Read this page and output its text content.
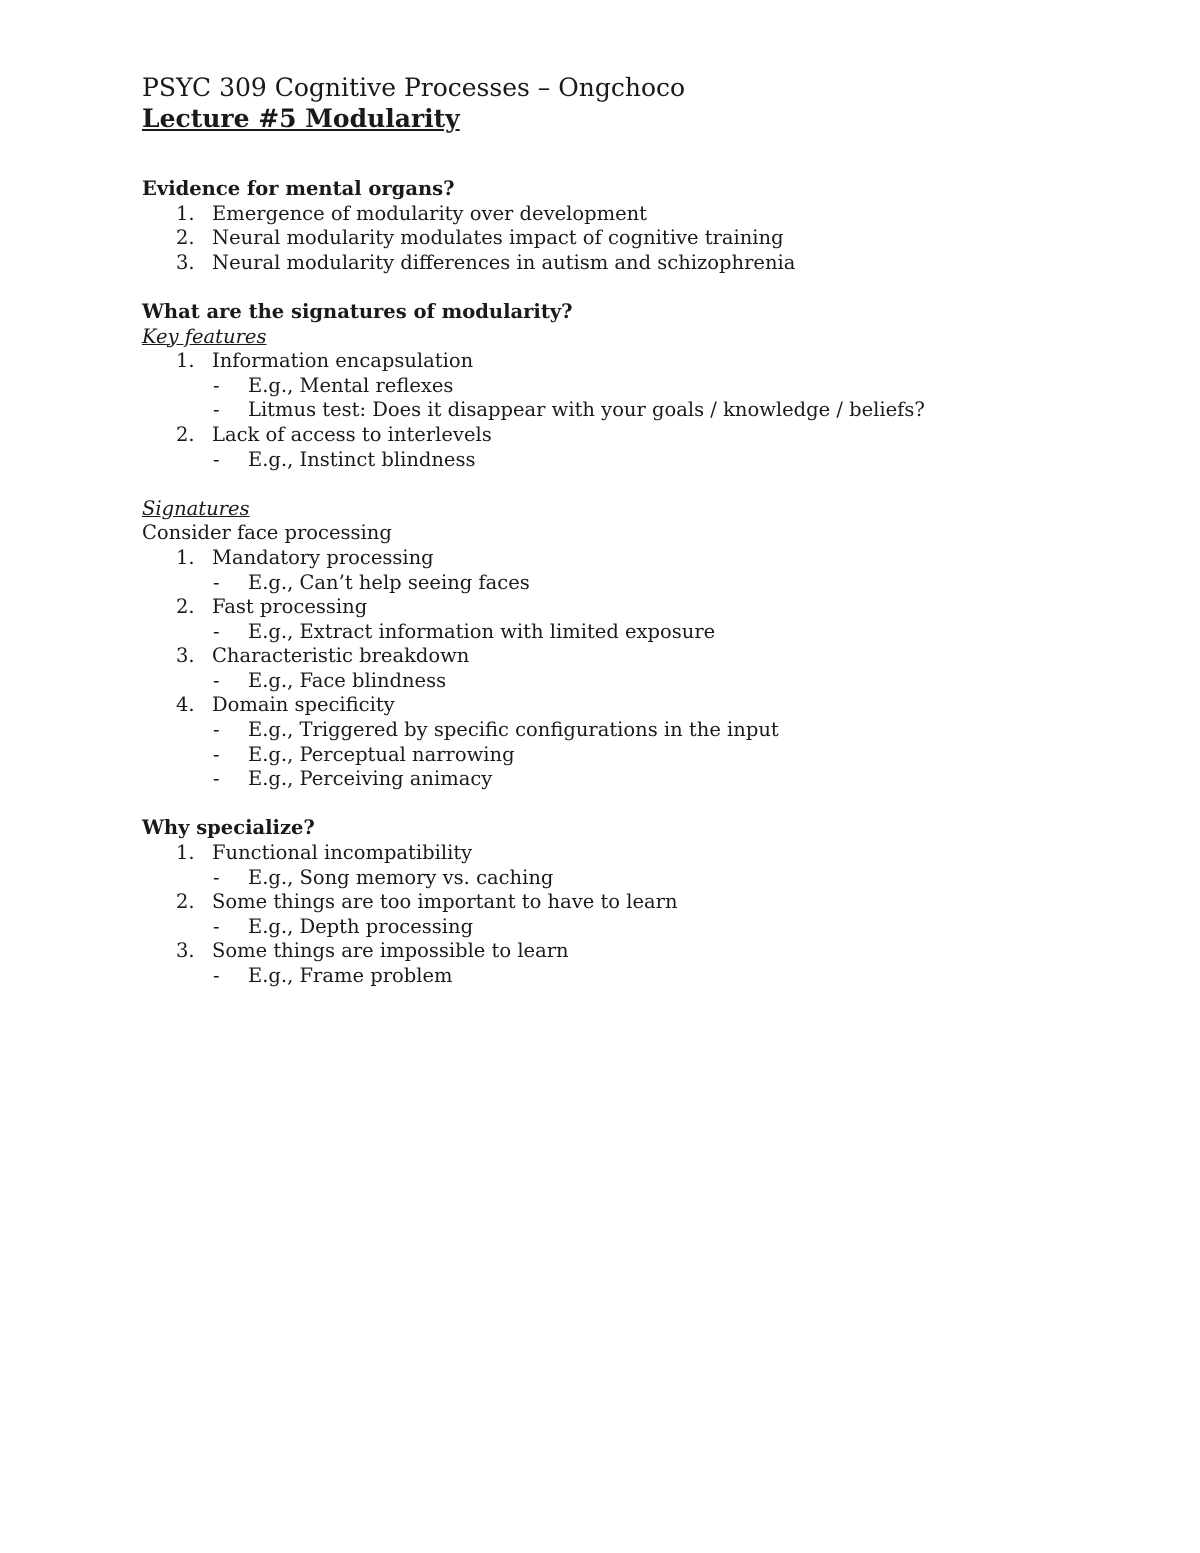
PSYC 309 Cognitive Processes – Ongchoco
Lecture #5 Modularity
Evidence for mental organs?
1. Emergence of modularity over development
2. Neural modularity modulates impact of cognitive training
3. Neural modularity differences in autism and schizophrenia
What are the signatures of modularity?
Key features
1. Information encapsulation
- E.g., Mental reflexes
- Litmus test: Does it disappear with your goals / knowledge / beliefs?
2. Lack of access to interlevels
- E.g., Instinct blindness
Signatures
Consider face processing
1. Mandatory processing
- E.g., Can’t help seeing faces
2. Fast processing
- E.g., Extract information with limited exposure
3. Characteristic breakdown
- E.g., Face blindness
4. Domain specificity
- E.g., Triggered by specific configurations in the input
- E.g., Perceptual narrowing
- E.g., Perceiving animacy
Why specialize?
1. Functional incompatibility
- E.g., Song memory vs. caching
2. Some things are too important to have to learn
- E.g., Depth processing
3. Some things are impossible to learn
- E.g., Frame problem
